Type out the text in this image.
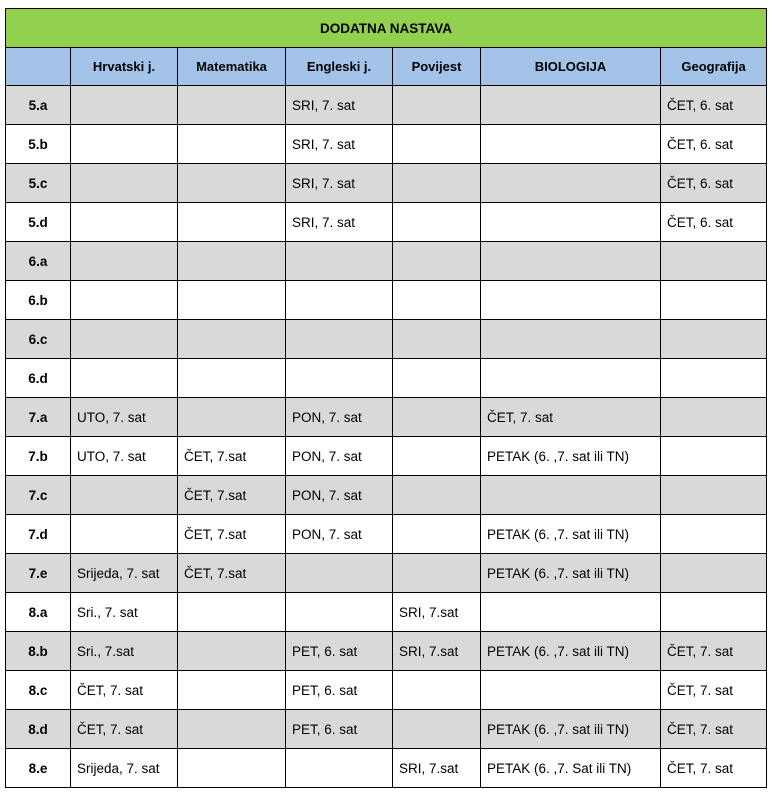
DODATNA NASTAVA						
	Hrvatski j.	Matematika	Engleski j.	Povijest	BIOLOGIJA	Geografija
5.a			SRI, 7. sat			ČET, 6. sat
5.b			SRI, 7. sat			ČET, 6. sat
5.c			SRI, 7. sat			ČET, 6. sat
5.d			SRI, 7. sat			ČET, 6. sat
6.a						
6.b						
6.c						
6.d						
7.a	UTO, 7. sat		PON, 7. sat		ČET, 7. sat	
7.b	UTO, 7. sat	ČET, 7.sat	PON, 7. sat		PETAK (6. ,7. sat ili TN)	
7.c		ČET, 7.sat	PON, 7. sat			
7.d		ČET, 7.sat	PON, 7. sat		PETAK (6. ,7. sat ili TN)	
7.e	Srijeda, 7. sat	ČET, 7.sat			PETAK (6. ,7. sat ili TN)	
8.a	Sri., 7. sat			SRI, 7.sat		
8.b	Sri., 7.sat		PET, 6. sat	SRI, 7.sat	PETAK (6. ,7. sat ili TN)	ČET, 7. sat
8.c	ČET, 7. sat		PET, 6. sat			ČET, 7. sat
8.d	ČET, 7. sat		PET, 6. sat		PETAK (6. ,7. sat ili TN)	ČET, 7. sat
8.e	Srijeda, 7. sat			SRI, 7.sat	PETAK (6. ,7. Sat ili TN)	ČET, 7. sat
